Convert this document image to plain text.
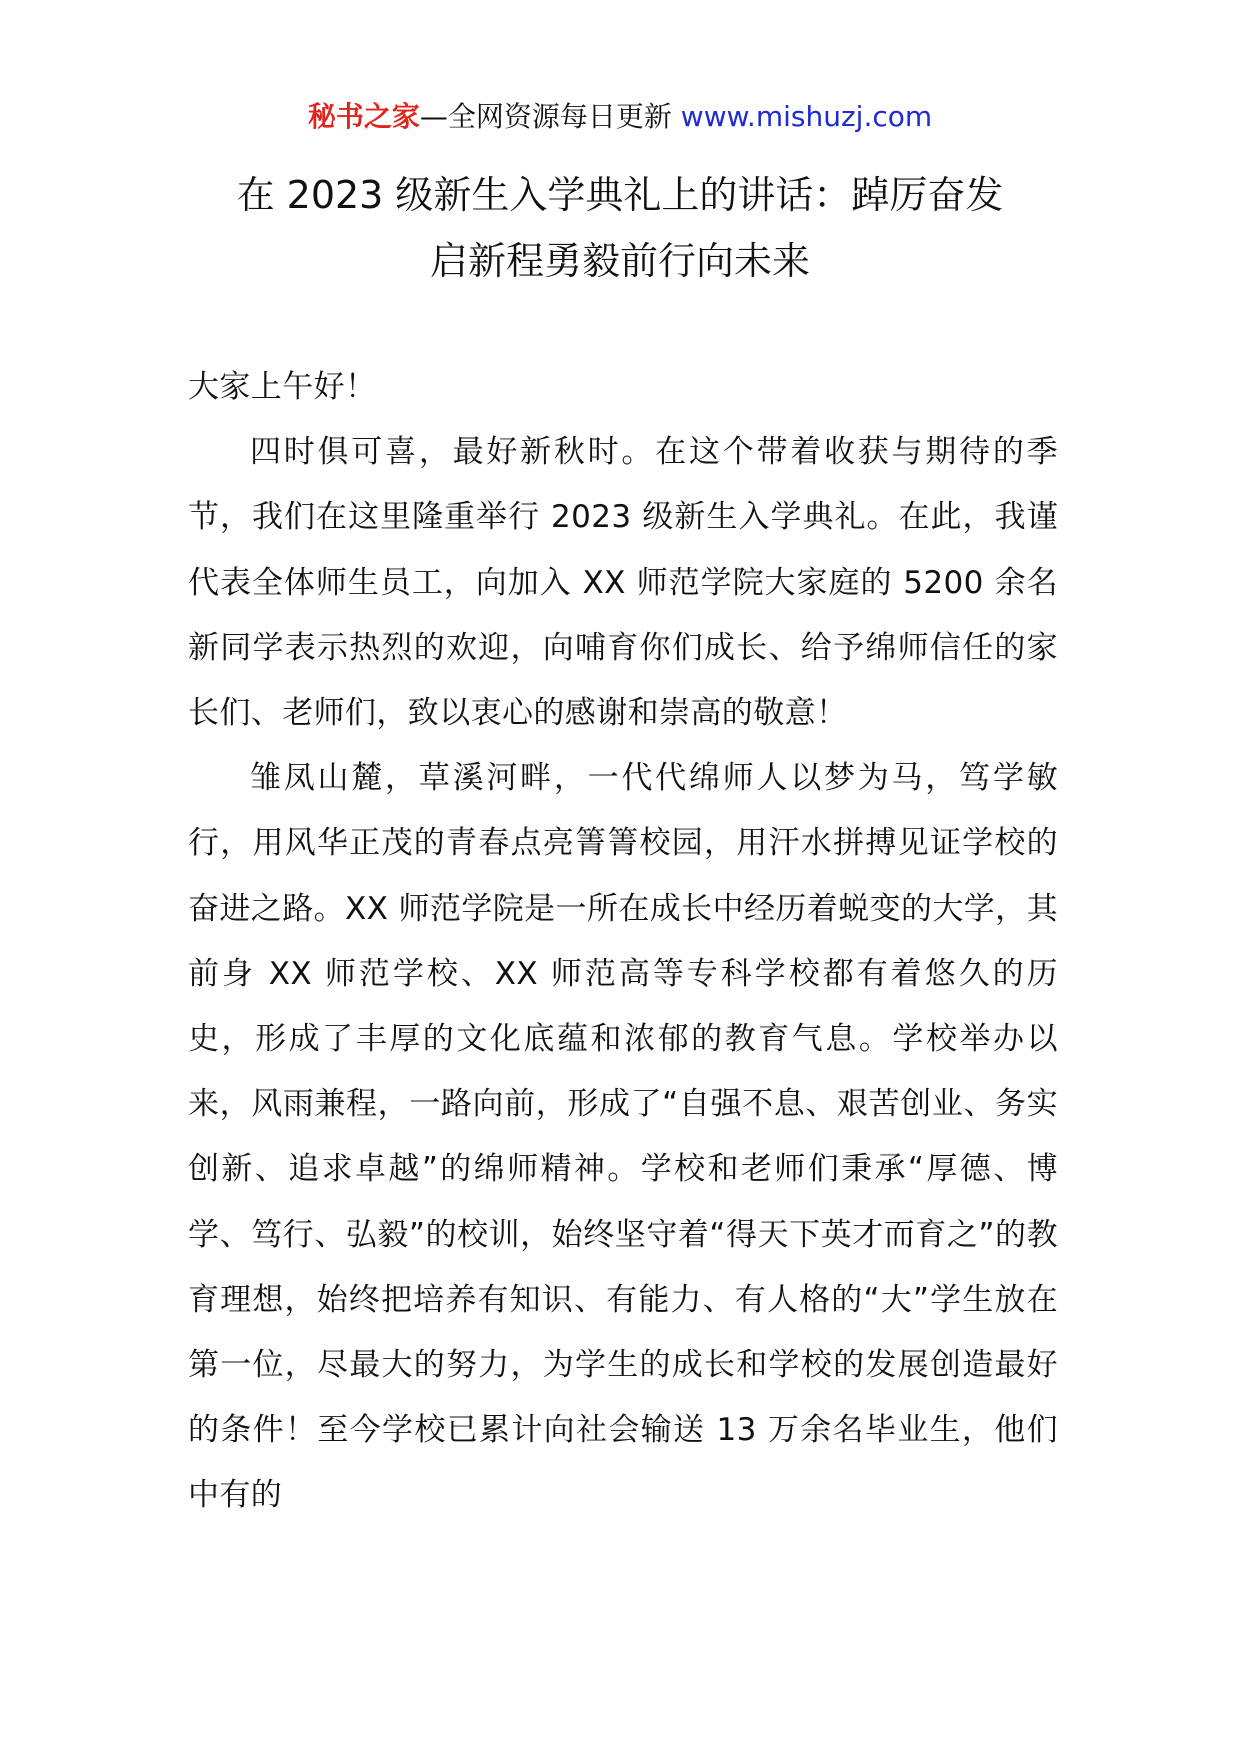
秘书之家—全网资源每日更新 www.mishuzj.com
在 2023 级新生入学典礼上的讲话：踔厉奋发
启新程勇毅前行向未来

大家上午好！

四时俱可喜，最好新秋时。在这个带着收获与期待的季节，我们在这里隆重举行 2023 级新生入学典礼。在此，我谨代表全体师生员工，向加入 XX 师范学院大家庭的 5200 余名新同学表示热烈的欢迎，向哺育你们成长、给予绵师信任的家长们、老师们，致以衷心的感谢和崇高的敬意！

雏凤山麓，草溪河畔，一代代绵师人以梦为马，笃学敏行，用风华正茂的青春点亮箐箐校园，用汗水拼搏见证学校的奋进之路。XX 师范学院是一所在成长中经历着蜕变的大学，其前身 XX 师范学校、XX 师范高等专科学校都有着悠久的历史，形成了丰厚的文化底蕴和浓郁的教育气息。学校举办以来，风雨兼程，一路向前，形成了“自强不息、艰苦创业、务实创新、追求卓越”的绵师精神。学校和老师们秉承“厚德、博学、笃行、弘毅”的校训，始终坚守着“得天下英才而育之”的教育理想，始终把培养有知识、有能力、有人格的“大”学生放在第一位，尽最大的努力，为学生的成长和学校的发展创造最好的条件！至今学校已累计向社会输送 13 万余名毕业生，他们中有的
